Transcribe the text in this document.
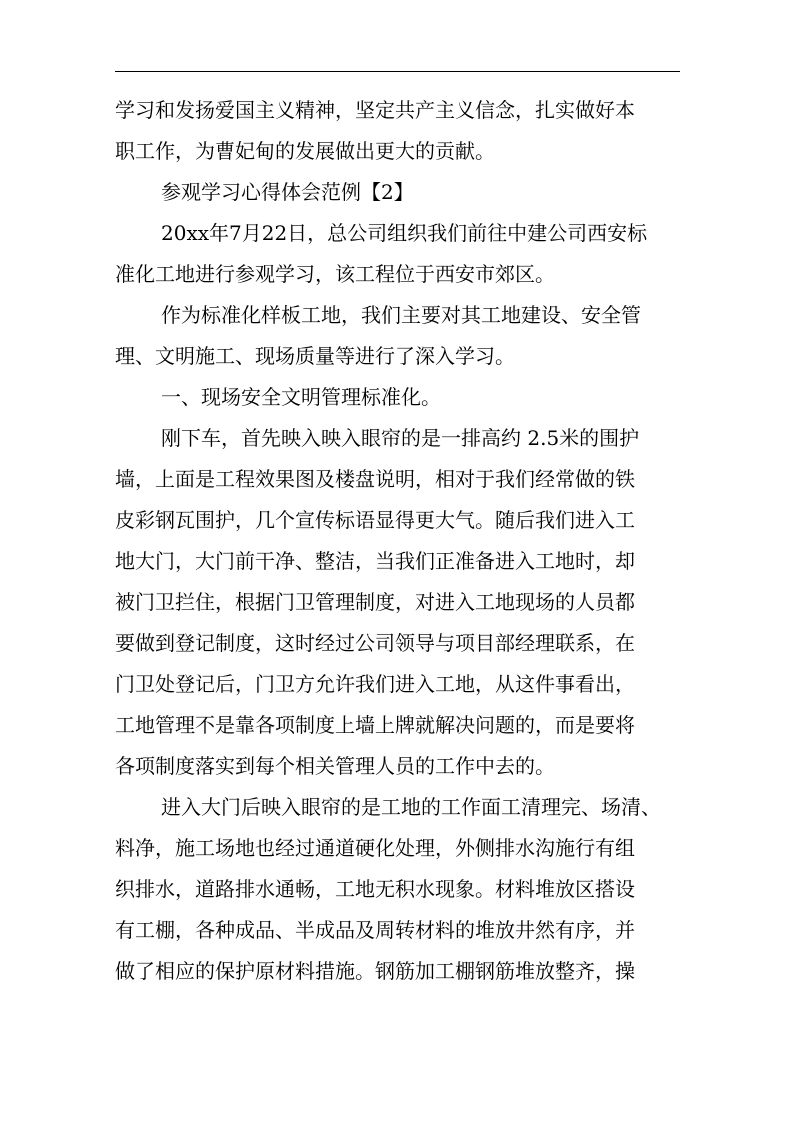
学习和发扬爱国主义精神，坚定共产主义信念，扎实做好本
职工作，为曹妃甸的发展做出更大的贡献。
参观学习心得体会范例【2】
20xx年7月22日，总公司组织我们前往中建公司西安标
准化工地进行参观学习，该工程位于西安市郊区。
作为标准化样板工地，我们主要对其工地建设、安全管
理、文明施工、现场质量等进行了深入学习。
一、现场安全文明管理标准化。
刚下车，首先映入映入眼帘的是一排高约 2.5米的围护
墙，上面是工程效果图及楼盘说明，相对于我们经常做的铁
皮彩钢瓦围护，几个宣传标语显得更大气。随后我们进入工
地大门，大门前干净、整洁，当我们正准备进入工地时，却
被门卫拦住，根据门卫管理制度，对进入工地现场的人员都
要做到登记制度，这时经过公司领导与项目部经理联系，在
门卫处登记后，门卫方允许我们进入工地，从这件事看出，
工地管理不是靠各项制度上墙上牌就解决问题的，而是要将
各项制度落实到每个相关管理人员的工作中去的。
进入大门后映入眼帘的是工地的工作面工清理完、场清、
料净，施工场地也经过通道硬化处理，外侧排水沟施行有组
织排水，道路排水通畅，工地无积水现象。材料堆放区搭设
有工棚，各种成品、半成品及周转材料的堆放井然有序，并
做了相应的保护原材料措施。钢筋加工棚钢筋堆放整齐，操
